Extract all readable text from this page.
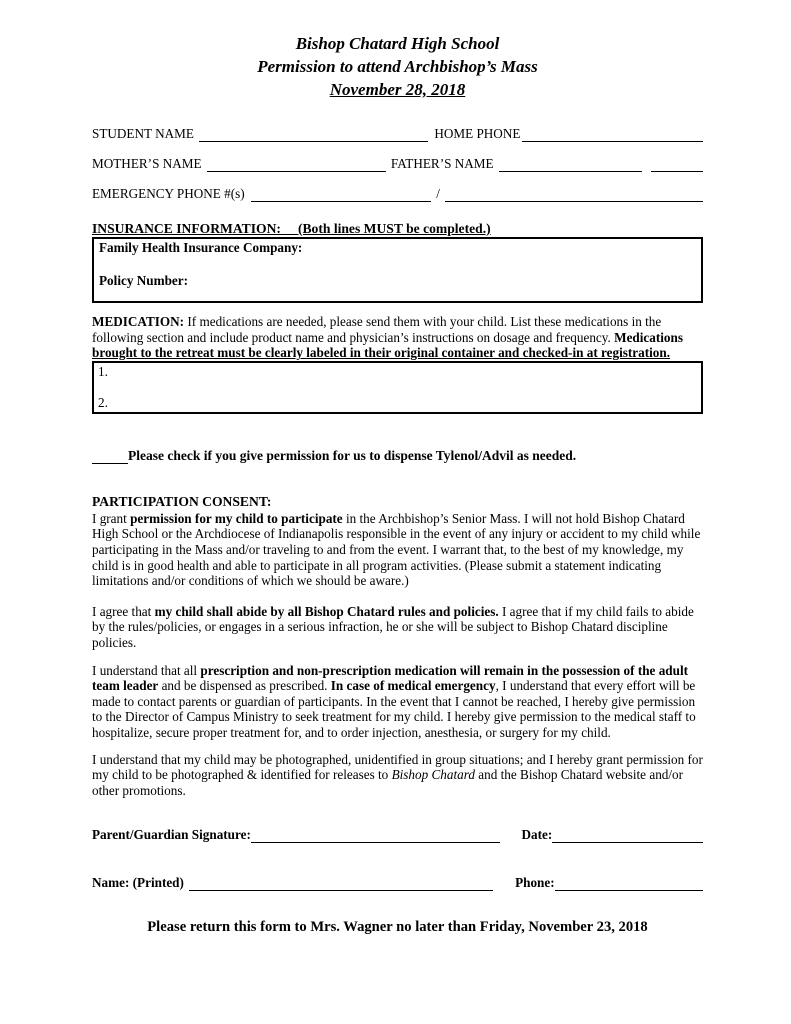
Bishop Chatard High School
Permission to attend Archbishop’s Mass
November 28, 2018
STUDENT NAME	HOME PHONE
MOTHER’S NAME	FATHER’S NAME
EMERGENCY PHONE #(s)	/
INSURANCE INFORMATION: (Both lines MUST be completed.)
Family Health Insurance Company:
Policy Number:

MEDICATION: If medications are needed, please send them with your child. List these medications in the following section and include product name and physician’s instructions on dosage and frequency. Medications brought to the retreat must be clearly labeled in their original container and checked-in at registration.

1.
2.
Please check if you give permission for us to dispense Tylenol/Advil as needed.
PARTICIPATION CONSENT:

I grant permission for my child to participate in the Archbishop’s Senior Mass. I will not hold Bishop Chatard High School or the Archdiocese of Indianapolis responsible in the event of any injury or accident to my child while participating in the Mass and/or traveling to and from the event. I warrant that, to the best of my knowledge, my child is in good health and able to participate in all program activities. (Please submit a statement indicating limitations and/or conditions of which we should be aware.)

I agree that my child shall abide by all Bishop Chatard rules and policies. I agree that if my child fails to abide by the rules/policies, or engages in a serious infraction, he or she will be subject to Bishop Chatard discipline policies.

I understand that all prescription and non-prescription medication will remain in the possession of the adult team leader and be dispensed as prescribed. In case of medical emergency, I understand that every effort will be made to contact parents or guardian of participants. In the event that I cannot be reached, I hereby give permission to the Director of Campus Ministry to seek treatment for my child. I hereby give permission to the medical staff to hospitalize, secure proper treatment for, and to order injection, anesthesia, or surgery for my child.

I understand that my child may be photographed, unidentified in group situations; and I hereby grant permission for my child to be photographed & identified for releases to Bishop Chatard and the Bishop Chatard website and/or other promotions.

Parent/Guardian Signature:	Date:
Name: (Printed)	Phone:
Please return this form to Mrs. Wagner no later than Friday, November 23, 2018
